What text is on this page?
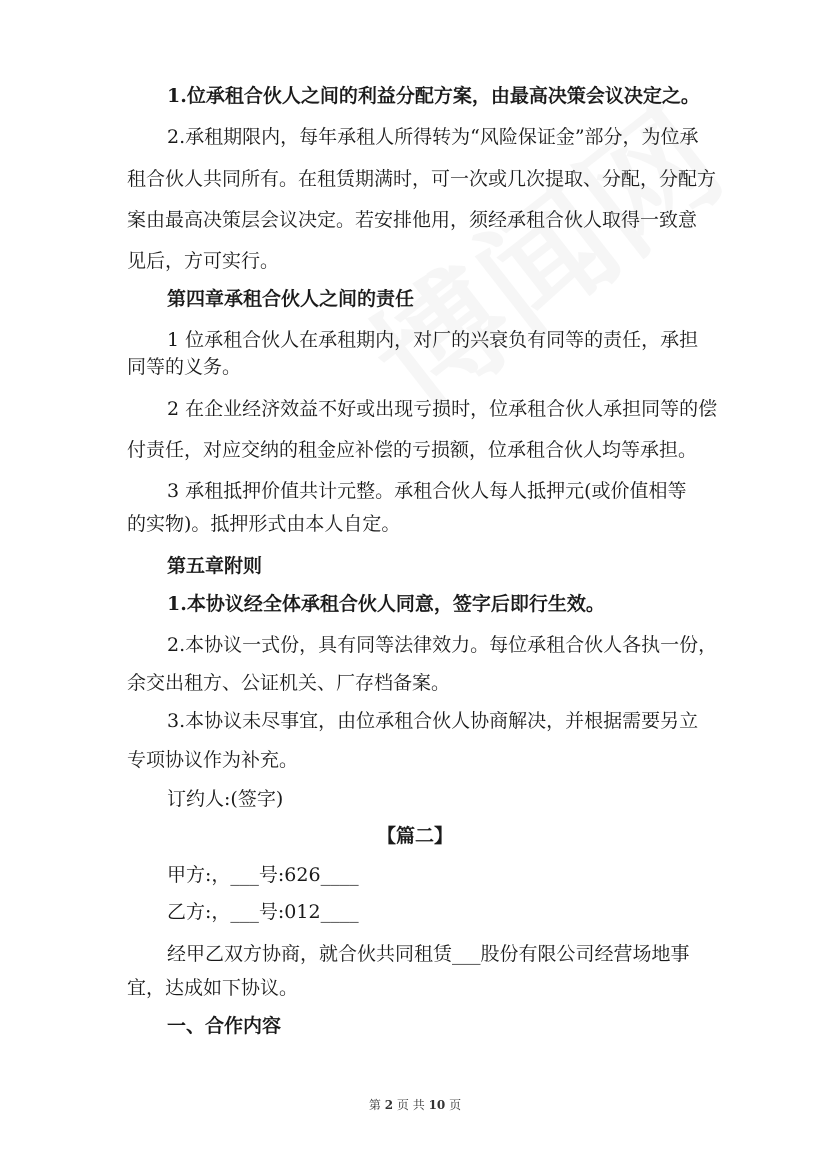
1.位承租合伙人之间的利益分配方案，由最高决策会议决定之。
2.承租期限内，每年承租人所得转为“风险保证金”部分，为位承
租合伙人共同所有。在租赁期满时，可一次或几次提取、分配，分配方
案由最高决策层会议决定。若安排他用，须经承租合伙人取得一致意
见后，方可实行。
第四章承租合伙人之间的责任
1 位承租合伙人在承租期内，对厂的兴衰负有同等的责任，承担
同等的义务。
2 在企业经济效益不好或出现亏损时，位承租合伙人承担同等的偿
付责任，对应交纳的租金应补偿的亏损额，位承租合伙人均等承担。
3 承租抵押价值共计元整。承租合伙人每人抵押元(或价值相等
的实物)。抵押形式由本人自定。
第五章附则
1.本协议经全体承租合伙人同意，签字后即行生效。
2.本协议一式份，具有同等法律效力。每位承租合伙人各执一份，
余交出租方、公证机关、厂存档备案。
3.本协议未尽事宜，由位承租合伙人协商解决，并根据需要另立
专项协议作为补充。
订约人:(签字)
【篇二】
甲方:，___号:626____
乙方:，___号:012____
经甲乙双方协商，就合伙共同租赁___股份有限公司经营场地事
宜，达成如下协议。
一、合作内容
第 2 页 共 10 页
